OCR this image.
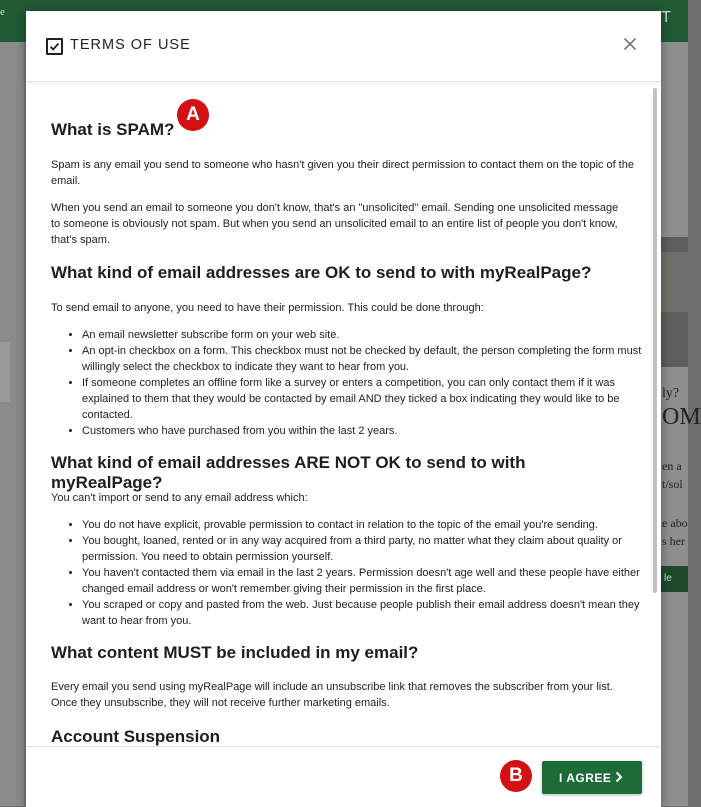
e	T
ly?
OM
en a
t/sol
e abo
s her
le
TERMS OF USE
What is SPAM?

Spam is any email you send to someone who hasn't given you their direct permission to contact them on the topic of the email.

When you send an email to someone you don't know, that's an "unsolicited" email. Sending one unsolicited message to someone is obviously not spam. But when you send an unsolicited email to an entire list of people you don't know, that's spam.

What kind of email addresses are OK to send to with myRealPage?

To send email to anyone, you need to have their permission. This could be done through:

• An email newsletter subscribe form on your web site.
• An opt-in checkbox on a form. This checkbox must not be checked by default, the person completing the form must willingly select the checkbox to indicate they want to hear from you.
• If someone completes an offline form like a survey or enters a competition, you can only contact them if it was explained to them that they would be contacted by email AND they ticked a box indicating they would like to be contacted.
• Customers who have purchased from you within the last 2 years.
What kind of email addresses ARE NOT OK to send to with myRealPage?

You can't import or send to any email address which:

• You do not have explicit, provable permission to contact in relation to the topic of the email you're sending.
• You bought, loaned, rented or in any way acquired from a third party, no matter what they claim about quality or permission. You need to obtain permission yourself.
• You haven't contacted them via email in the last 2 years. Permission doesn't age well and these people have either changed email address or won't remember giving their permission in the first place.
• You scraped or copy and pasted from the web. Just because people publish their email address doesn't mean they want to hear from you.
What content MUST be included in my email?

Every email you send using myRealPage will include an unsubscribe link that removes the subscriber from your list. Once they unsubscribe, they will not receive further marketing emails.

Account Suspension
B	I AGREE
A
